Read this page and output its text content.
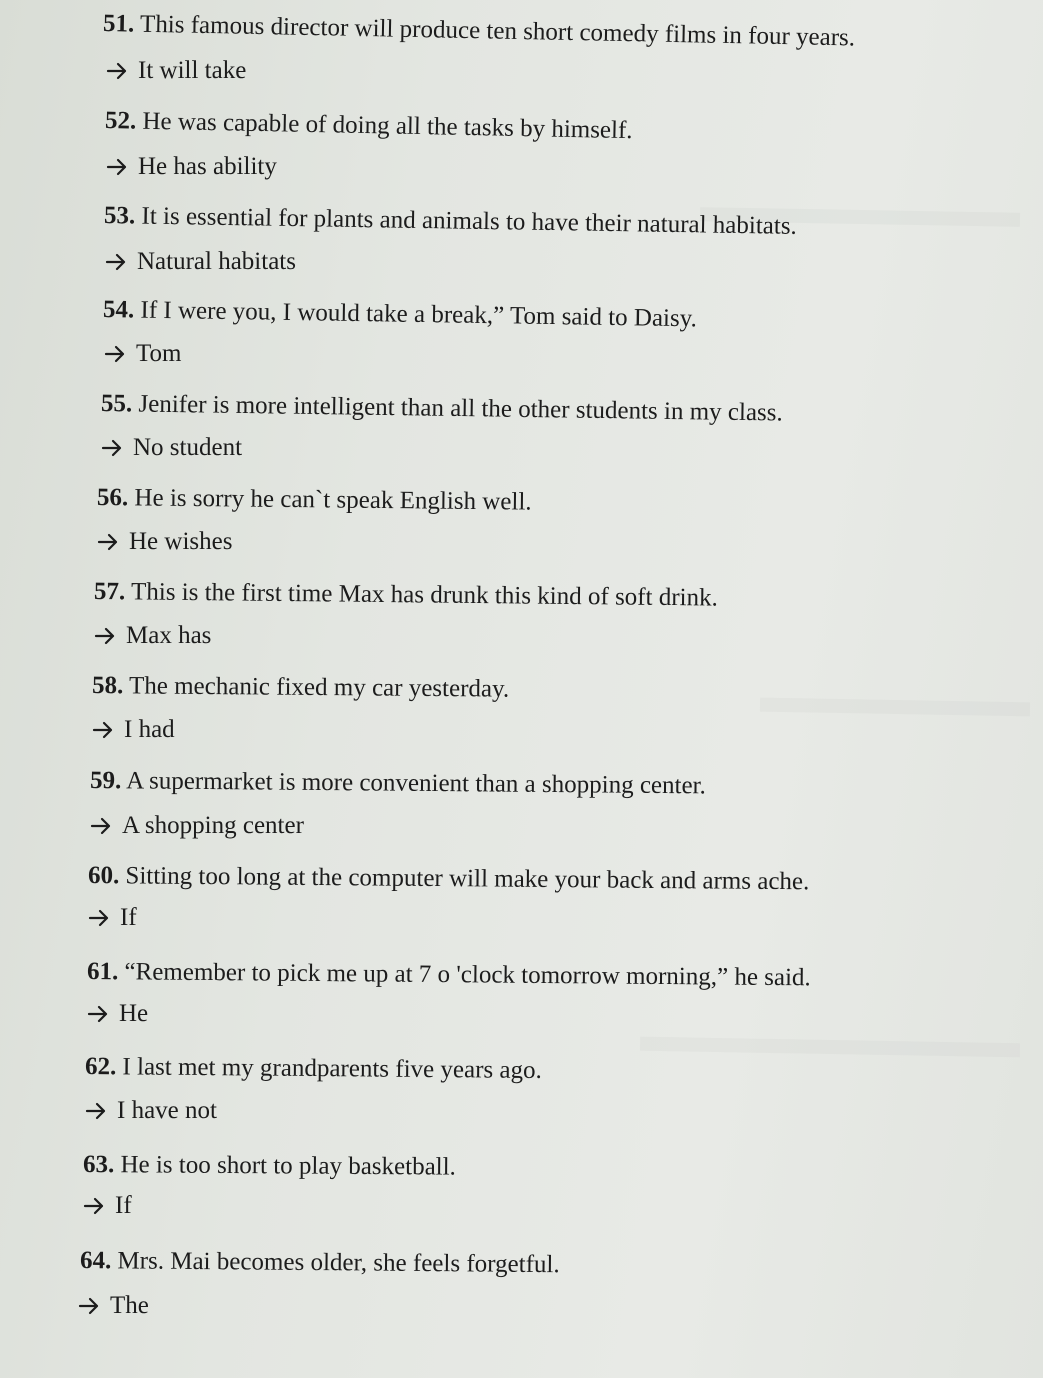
51. This famous director will produce ten short comedy films in four years.
It will take
52. He was capable of doing all the tasks by himself.
He has ability
53. It is essential for plants and animals to have their natural habitats.
Natural habitats
54. If I were you, I would take a break,” Tom said to Daisy.
Tom
55. Jenifer is more intelligent than all the other students in my class.
No student
56. He is sorry he can`t speak English well.
He wishes
57. This is the first time Max has drunk this kind of soft drink.
Max has
58. The mechanic fixed my car yesterday.
I had
59. A supermarket is more convenient than a shopping center.
A shopping center
60. Sitting too long at the computer will make your back and arms ache.
If
61. “Remember to pick me up at 7 o 'clock tomorrow morning,” he said.
He
62. I last met my grandparents five years ago.
I have not
63. He is too short to play basketball.
If
64. Mrs. Mai becomes older, she feels forgetful.
The
